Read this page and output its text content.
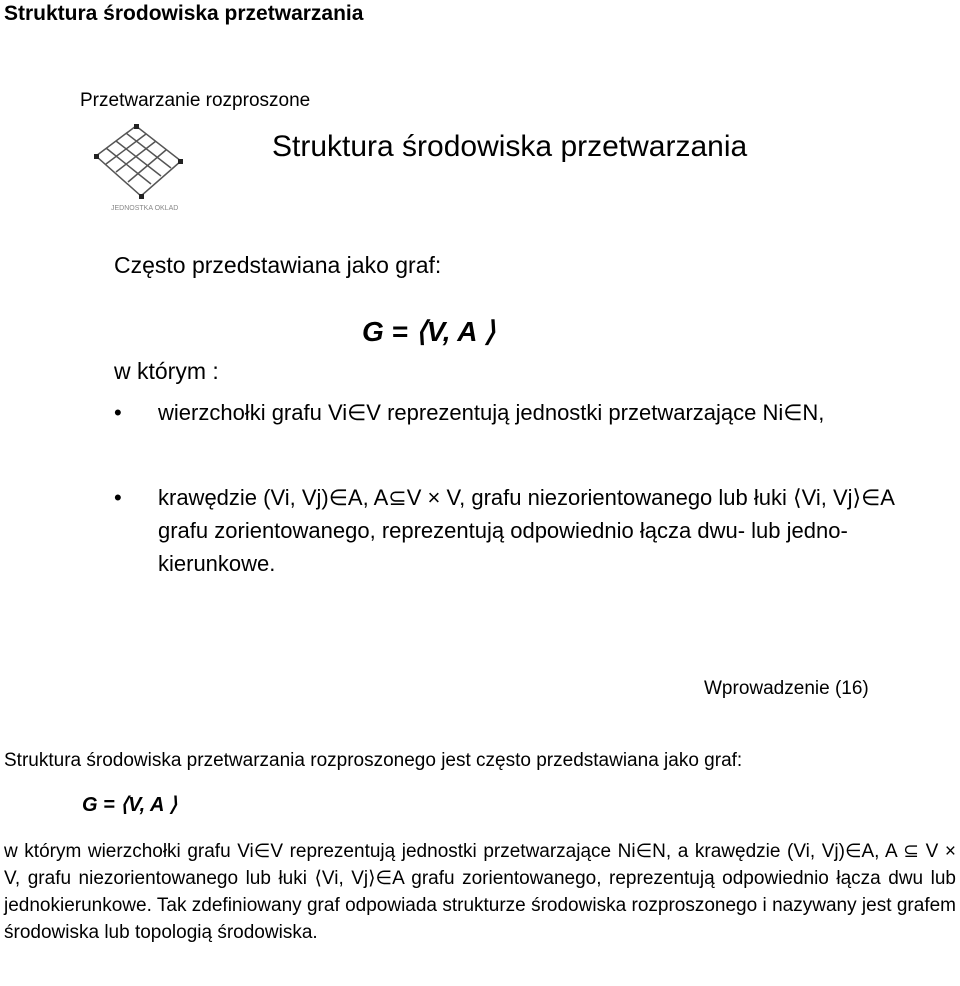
Struktura środowiska przetwarzania
Przetwarzanie rozproszone
JEDNOSTKA OKLAD
Struktura środowiska przetwarzania
Często przedstawiana jako graf:
G = ⟨V, A ⟩
w którym :
• wierzchołki grafu Vi∈V reprezentują jednostki przetwarzające Ni∈N,
• krawędzie (Vi, Vj)∈A, A⊆V × V, grafu niezorientowanego lub łuki ⟨Vi, Vj⟩∈A grafu zorientowanego, reprezentują odpowiednio łącza dwu- lub jedno-kierunkowe.
Wprowadzenie (16)
Struktura środowiska przetwarzania rozproszonego jest często przedstawiana jako graf:
G = ⟨V, A ⟩
w którym wierzchołki grafu Vi∈V reprezentują jednostki przetwarzające Ni∈N, a krawędzie (Vi, Vj)∈A, A ⊆ V × V, grafu niezorientowanego lub łuki ⟨Vi, Vj⟩∈A grafu zorientowanego, reprezentują odpowiednio łącza dwu lub jednokierunkowe. Tak zdefiniowany graf odpowiada strukturze środowiska rozproszonego i nazywany jest grafem środowiska lub topologią środowiska.
